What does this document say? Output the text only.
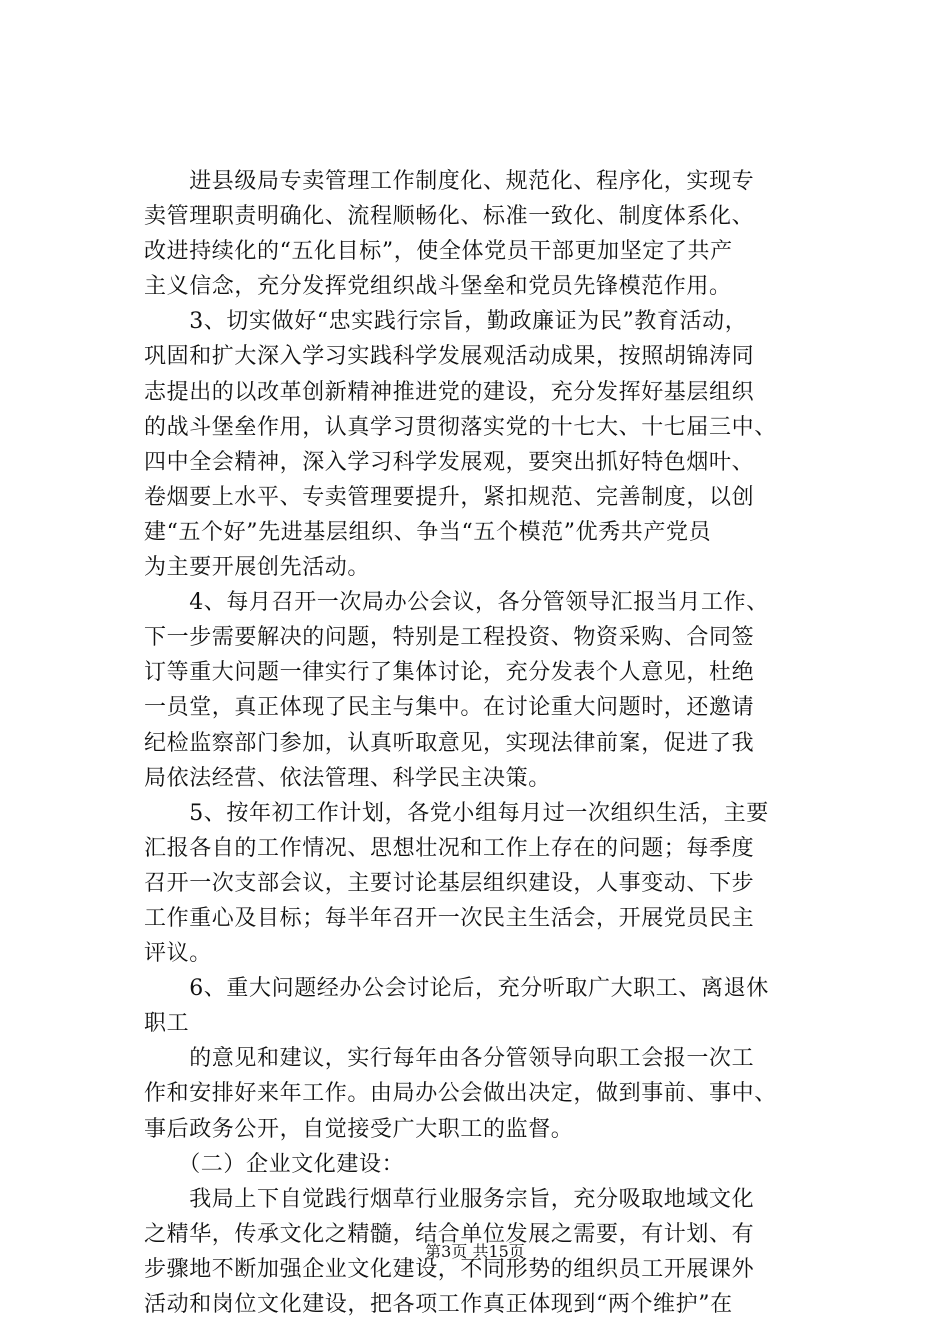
　　进县级局专卖管理工作制度化、规范化、程序化，实现专
卖管理职责明确化、流程顺畅化、标准一致化、制度体系化、
改进持续化的“五化目标”，使全体党员干部更加坚定了共产
主义信念，充分发挥党组织战斗堡垒和党员先锋模范作用。
　　3、切实做好“忠实践行宗旨，勤政廉证为民”教育活动，
巩固和扩大深入学习实践科学发展观活动成果，按照胡锦涛同
志提出的以改革创新精神推进党的建设，充分发挥好基层组织
的战斗堡垒作用，认真学习贯彻落实党的十七大、十七届三中、
四中全会精神，深入学习科学发展观，要突出抓好特色烟叶、
卷烟要上水平、专卖管理要提升，紧扣规范、完善制度，以创
建“五个好”先进基层组织、争当“五个模范”优秀共产党员
为主要开展创先活动。
　　4、每月召开一次局办公会议，各分管领导汇报当月工作、
下一步需要解决的问题，特别是工程投资、物资采购、合同签
订等重大问题一律实行了集体讨论，充分发表个人意见，杜绝
一员堂，真正体现了民主与集中。在讨论重大问题时，还邀请
纪检监察部门参加，认真听取意见，实现法律前䅁，促进了我
局依法经营、依法管理、科学民主决策。
　　5、按年初工作计划，各党小组每月过一次组织生活，主要
汇报各自的工作情况、思想壮况和工作上存在的问题；每季度
召开一次支部会议，主要讨论基层组织建设，人事变动、下步
工作重心及目标；每半年召开一次民主生活会，开展党员民主
评议。
　　6、重大问题经办公会讨论后，充分听取广大职工、离退休
职工
　　的意见和建议，实行每年由各分管领导向职工会报一次工
作和安排好来年工作。由局办公会做出决定，做到事前、事中、
事后政务公开，自觉接受广大职工的监督。
　　（二）企业文化建设：
　　我局上下自觉践行烟草行业服务宗旨，充分吸取地域文化
之精华，传承文化之精髓，结合单位发展之需要，有计划、有
步骤地不断加强企业文化建设，不同形势的组织员工开展课外
活动和岗位文化建设，把各项工作真正体现到“两个维护”在
第3页 共15页
